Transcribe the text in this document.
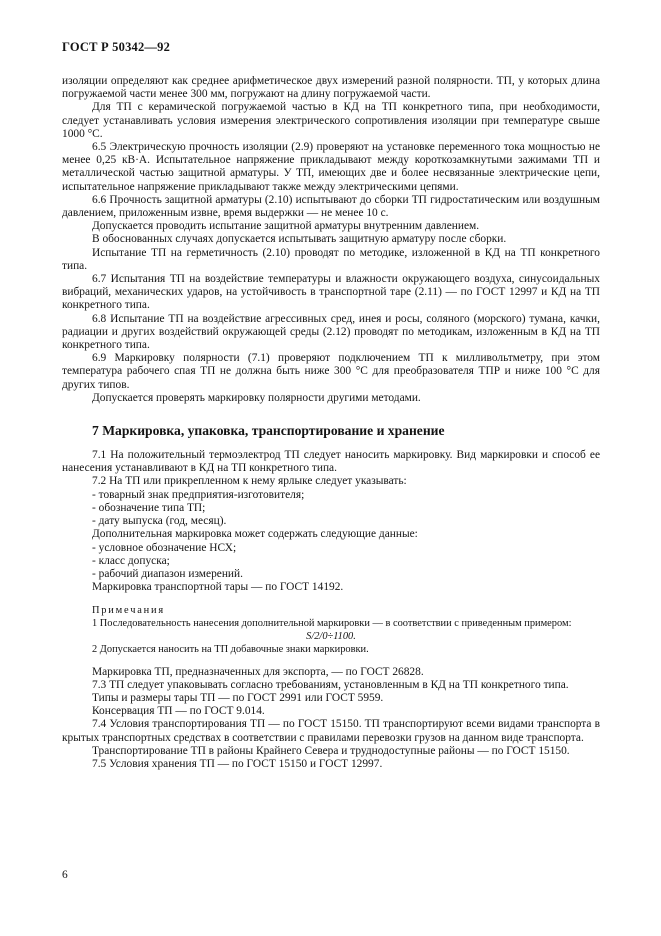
ГОСТ Р 50342—92

изоляции определяют как среднее арифметическое двух измерений разной полярности. ТП, у которых длина погружаемой части менее 300 мм, погружают на длину погружаемой части.

Для ТП с керамической погружаемой частью в КД на ТП конкретного типа, при необходимости, следует устанавливать условия измерения электрического сопротивления изоляции при температуре свыше 1000 °С.

6.5 Электрическую прочность изоляции (2.9) проверяют на установке переменного тока мощностью не менее 0,25 кВ·А. Испытательное напряжение прикладывают между короткозамкнутыми зажимами ТП и металлической частью защитной арматуры. У ТП, имеющих две и более несвязанные электрические цепи, испытательное напряжение прикладывают также между электрическими цепями.

6.6 Прочность защитной арматуры (2.10) испытывают до сборки ТП гидростатическим или воздушным давлением, приложенным извне, время выдержки — не менее 10 с.

Допускается проводить испытание защитной арматуры внутренним давлением.

В обоснованных случаях допускается испытывать защитную арматуру после сборки.

Испытание ТП на герметичность (2.10) проводят по методике, изложенной в КД на ТП конкретного типа.

6.7 Испытания ТП на воздействие температуры и влажности окружающего воздуха, синусоидальных вибраций, механических ударов, на устойчивость в транспортной таре (2.11) — по ГОСТ 12997 и КД на ТП конкретного типа.

6.8 Испытание ТП на воздействие агрессивных сред, инея и росы, соляного (морского) тумана, качки, радиации и других воздействий окружающей среды (2.12) проводят по методикам, изложенным в КД на ТП конкретного типа.

6.9 Маркировку полярности (7.1) проверяют подключением ТП к милливольтметру, при этом температура рабочего спая ТП не должна быть ниже 300 °С для преобразователя ТПР и ниже 100 °С для других типов.

Допускается проверять маркировку полярности другими методами.

7 Маркировка, упаковка, транспортирование и хранение

7.1 На положительный термоэлектрод ТП следует наносить маркировку. Вид маркировки и способ ее нанесения устанавливают в КД на ТП конкретного типа.

7.2 На ТП или прикрепленном к нему ярлыке следует указывать:

- товарный знак предприятия-изготовителя;

- обозначение типа ТП;

- дату выпуска (год, месяц).

Дополнительная маркировка может содержать следующие данные:

- условное обозначение НСХ;

- класс допуска;

- рабочий диапазон измерений.

Маркировка транспортной тары — по ГОСТ 14192.

Примечания

1 Последовательность нанесения дополнительной маркировки — в соответствии с приведенным примером:

S/2/0÷1100.

2 Допускается наносить на ТП добавочные знаки маркировки.

Маркировка ТП, предназначенных для экспорта, — по ГОСТ 26828.

7.3 ТП следует упаковывать согласно требованиям, установленным в КД на ТП конкретного типа.

Типы и размеры тары ТП — по ГОСТ 2991 или ГОСТ 5959.

Консервация ТП — по ГОСТ 9.014.

7.4 Условия транспортирования ТП — по ГОСТ 15150. ТП транспортируют всеми видами транспорта в крытых транспортных средствах в соответствии с правилами перевозки грузов на данном виде транспорта.

Транспортирование ТП в районы Крайнего Севера и труднодоступные районы — по ГОСТ 15150.

7.5 Условия хранения ТП — по ГОСТ 15150 и ГОСТ 12997.

6
